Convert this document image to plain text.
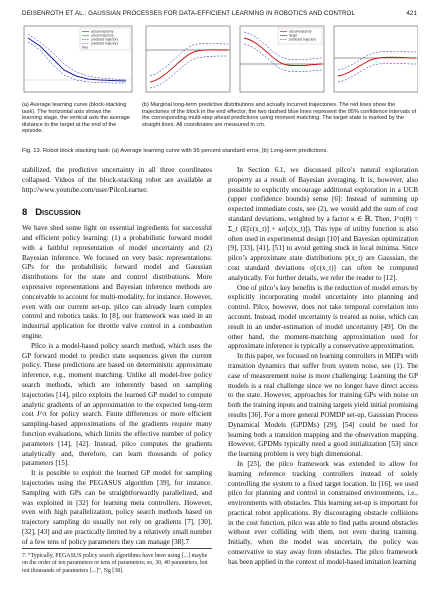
DEISENROTH ET AL.: GAUSSIAN PROCESSES FOR DATA-EFFICIENT LEARNING IN ROBOTICS AND CONTROL	421
actual trajectory
actual trajectory
predicted trajectory
predicted trajectory
time
actual trajectory
target
predicted trajectory
(a) Average learning curve (block-stacking task). The horizontal axis shows the learning stage, the vertical axis the average distance to the target at the end of the episode.
(b) Marginal long-term predictive distributions and actually incurred trajectories. The red lines show the trajectories of the block in the end effector, the two dashed blue lines represent the 95% confidence intervals of the corresponding multi-step ahead predictions using moment matching. The target state is marked by the straight lines. All coordinates are measured in cm.
Fig. 13. Robot block stacking task: (a) Average learning curve with 95 percent standard error, (b) Long-term predictions.

stabilized, the predictive uncertainty in all three coordinates collapsed. Videos of the block-stacking robot are available at http://www.youtube.com/user/PilcoLearner.

8 Discussion

We have shed some light on essential ingredients for successful and efficient policy learning: (1) a probabilistic forward model with a faithful representation of model uncertainty and (2) Bayesian inference. We focused on very basic representations: GPs for the probabilistic forward model and Gaussian distributions for the state and control distributions. More expressive representations and Bayesian inference methods are conceivable to account for multi-modality, for instance. However, even with our current set-up, pilco can already learn complex control and robotics tasks. In [8], our framework was used in an industrial application for throttle valve control in a combustion engine.

Pilco is a model-based policy search method, which uses the GP forward model to predict state sequences given the current policy. These predictions are based on deterministic approximate inference, e.g., moment matching. Unlike all model-free policy search methods, which are inherently based on sampling trajectories [14], pilco exploits the learned GP model to compute analytic gradients of an approximation to the expected long-term cost J^π for policy search. Finite differences or more efficient sampling-based approximations of the gradients require many function evaluations, which limits the effective number of policy parameters [14], [42]. Instead, pilco computes the gradients analytically and, therefore, can learn thousands of policy parameters [15].

It is possible to exploit the learned GP model for sampling trajectories using the PEGASUS algorithm [39], for instance. Sampling with GPs can be straightforwardly parallelized, and was exploited in [32] for learning meta controllers. However, even with high parallelization, policy search methods based on trajectory sampling do usually not rely on gradients [7], [30], [32], [43] and are practically limited by a relatively small number of a few tens of policy parameters they can manage [38].7

7. “Typically, PEGASUS policy search algorithms have been using [...] maybe on the order of ten parameters or tens of parameters; so, 30, 40 parameters, but not thousands of parameters [...]”, Ng [38].

In Section 6.1, we discussed pilco’s natural exploration property as a result of Bayesian averaging. It is, however, also possible to explicitly encourage additional exploration in a UCB (upper confidence bounds) sense [6]: Instead of summing up expected immediate costs, see (2), we would add the sum of cost standard deviations, weighted by a factor κ ∈ ℝ. Then, J^π(θ) = Σ_t (E[c(x_t)] + κσ[c(x_t)]). This type of utility function is also often used in experimental design [10] and Bayesian optimization [9], [33], [41], [51] to avoid getting stuck in local minima. Since pilco’s approximate state distributions p(x_t) are Gaussian, the cost standard deviations σ[c(x_t)] can often be computed analytically. For further details, we refer the reader to [12].

One of pilco’s key benefits is the reduction of model errors by explicitly incorporating model uncertainty into planning and control. Pilco, however, does not take temporal correlation into account. Instead, model uncertainty is treated as noise, which can result in an under-estimation of model uncertainty [49]. On the other hand, the moment-matching approximation used for approximate inference is typically a conservative approximation.

In this paper, we focused on learning controllers in MDPs with transition dynamics that suffer from system noise, see (1). The case of measurement noise is more challenging: Learning the GP models is a real challenge since we no longer have direct access to the state. However, approaches for training GPs with noise on both the training inputs and training targets yield initial promising results [36]. For a more general POMDP set-up, Gaussian Process Dynamical Models (GPDMs) [29], [54] could be used for learning both a transition mapping and the observation mapping. However, GPDMs typically need a good initialization [53] since the learning problem is very high dimensional.

In [25], the pilco framework was extended to allow for learning reference tracking controllers instead of solely controlling the system to a fixed target location. In [16], we used pilco for planning and control in constrained environments, i.e., environments with obstacles. This learning set-up is important for practical robot applications. By discouraging obstacle collisions in the cost function, pilco was able to find paths around obstacles without ever colliding with them, not even during training. Initially, when the model was uncertain, the policy was conservative to stay away from obstacles. The pilco framework has been applied in the context of model-based imitation learning
